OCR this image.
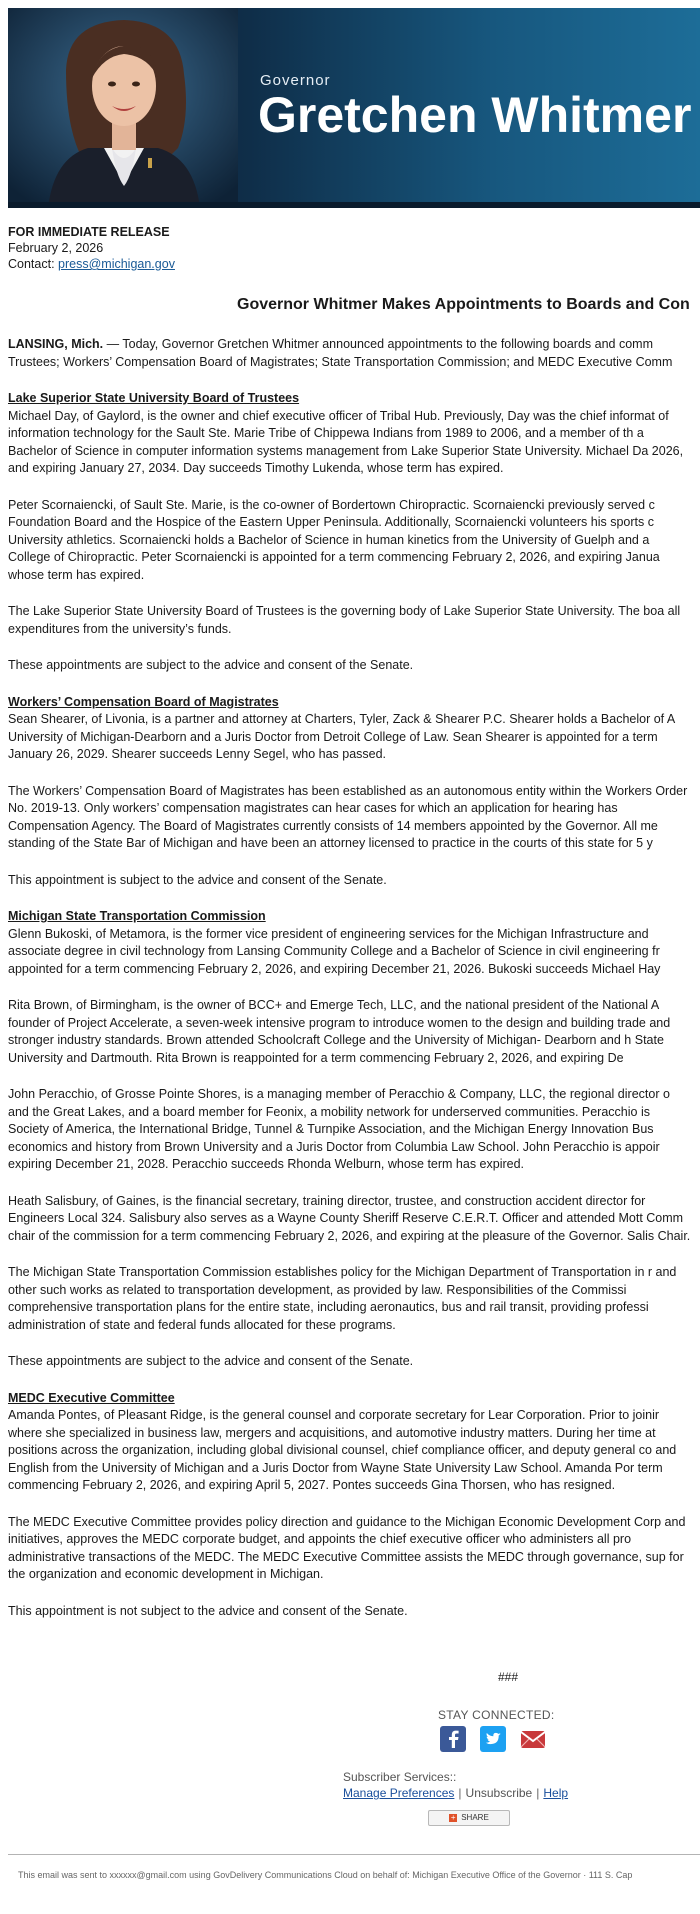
Governor
Gretchen Whitmer
FOR IMMEDIATE RELEASE
February 2, 2026
Contact: press@michigan.gov
Governor Whitmer Makes Appointments to Boards and Con

LANSING, Mich. — Today, Governor Gretchen Whitmer announced appointments to the following boards and comm Trustees; Workers’ Compensation Board of Magistrates; State Transportation Commission; and MEDC Executive Comm

Lake Superior State University Board of Trustees

Michael Day, of Gaylord, is the owner and chief executive officer of Tribal Hub. Previously, Day was the chief informat of information technology for the Sault Ste. Marie Tribe of Chippewa Indians from 1989 to 2006, and a member of th a Bachelor of Science in computer information systems management from Lake Superior State University. Michael Da 2026, and expiring January 27, 2034. Day succeeds Timothy Lukenda, whose term has expired.

Peter Scornaiencki, of Sault Ste. Marie, is the co-owner of Bordertown Chiropractic. Scornaiencki previously served c Foundation Board and the Hospice of the Eastern Upper Peninsula. Additionally, Scornaiencki volunteers his sports c University athletics. Scornaiencki holds a Bachelor of Science in human kinetics from the University of Guelph and a College of Chiropractic. Peter Scornaiencki is appointed for a term commencing February 2, 2026, and expiring Janua whose term has expired.

The Lake Superior State University Board of Trustees is the governing body of Lake Superior State University. The boa all expenditures from the university’s funds.

These appointments are subject to the advice and consent of the Senate.

Workers’ Compensation Board of Magistrates

Sean Shearer, of Livonia, is a partner and attorney at Charters, Tyler, Zack & Shearer P.C. Shearer holds a Bachelor of A University of Michigan-Dearborn and a Juris Doctor from Detroit College of Law. Sean Shearer is appointed for a term January 26, 2029. Shearer succeeds Lenny Segel, who has passed.

The Workers’ Compensation Board of Magistrates has been established as an autonomous entity within the Workers Order No. 2019-13. Only workers’ compensation magistrates can hear cases for which an application for hearing has Compensation Agency. The Board of Magistrates currently consists of 14 members appointed by the Governor. All me standing of the State Bar of Michigan and have been an attorney licensed to practice in the courts of this state for 5 y

This appointment is subject to the advice and consent of the Senate.

Michigan State Transportation Commission

Glenn Bukoski, of Metamora, is the former vice president of engineering services for the Michigan Infrastructure and associate degree in civil technology from Lansing Community College and a Bachelor of Science in civil engineering fr appointed for a term commencing February 2, 2026, and expiring December 21, 2026. Bukoski succeeds Michael Hay

Rita Brown, of Birmingham, is the owner of BCC+ and Emerge Tech, LLC, and the national president of the National A founder of Project Accelerate, a seven-week intensive program to introduce women to the design and building trade and stronger industry standards. Brown attended Schoolcraft College and the University of Michigan- Dearborn and h State University and Dartmouth. Rita Brown is reappointed for a term commencing February 2, 2026, and expiring De

John Peracchio, of Grosse Pointe Shores, is a managing member of Peracchio & Company, LLC, the regional director o and the Great Lakes, and a board member for Feonix, a mobility network for underserved communities. Peracchio is Society of America, the International Bridge, Tunnel & Turnpike Association, and the Michigan Energy Innovation Bus economics and history from Brown University and a Juris Doctor from Columbia Law School. John Peracchio is appoir expiring December 21, 2028. Peracchio succeeds Rhonda Welburn, whose term has expired.

Heath Salisbury, of Gaines, is the financial secretary, training director, trustee, and construction accident director for Engineers Local 324. Salisbury also serves as a Wayne County Sheriff Reserve C.E.R.T. Officer and attended Mott Comm chair of the commission for a term commencing February 2, 2026, and expiring at the pleasure of the Governor. Salis Chair.

The Michigan State Transportation Commission establishes policy for the Michigan Department of Transportation in r and other such works as related to transportation development, as provided by law. Responsibilities of the Commissi comprehensive transportation plans for the entire state, including aeronautics, bus and rail transit, providing professi administration of state and federal funds allocated for these programs.

These appointments are subject to the advice and consent of the Senate.

MEDC Executive Committee

Amanda Pontes, of Pleasant Ridge, is the general counsel and corporate secretary for Lear Corporation. Prior to joinir where she specialized in business law, mergers and acquisitions, and automotive industry matters. During her time at positions across the organization, including global divisional counsel, chief compliance officer, and deputy general co and English from the University of Michigan and a Juris Doctor from Wayne State University Law School. Amanda Por term commencing February 2, 2026, and expiring April 5, 2027. Pontes succeeds Gina Thorsen, who has resigned.

The MEDC Executive Committee provides policy direction and guidance to the Michigan Economic Development Corp and initiatives, approves the MEDC corporate budget, and appoints the chief executive officer who administers all pro administrative transactions of the MEDC. The MEDC Executive Committee assists the MEDC through governance, sup for the organization and economic development in Michigan.

This appointment is not subject to the advice and consent of the Senate.

###
STAY CONNECTED:
Subscriber Services::
Manage Preferences | Unsubscribe | Help
+ SHARE
This email was sent to xxxxxx@gmail.com using GovDelivery Communications Cloud on behalf of: Michigan Executive Office of the Governor · 111 S. Cap
